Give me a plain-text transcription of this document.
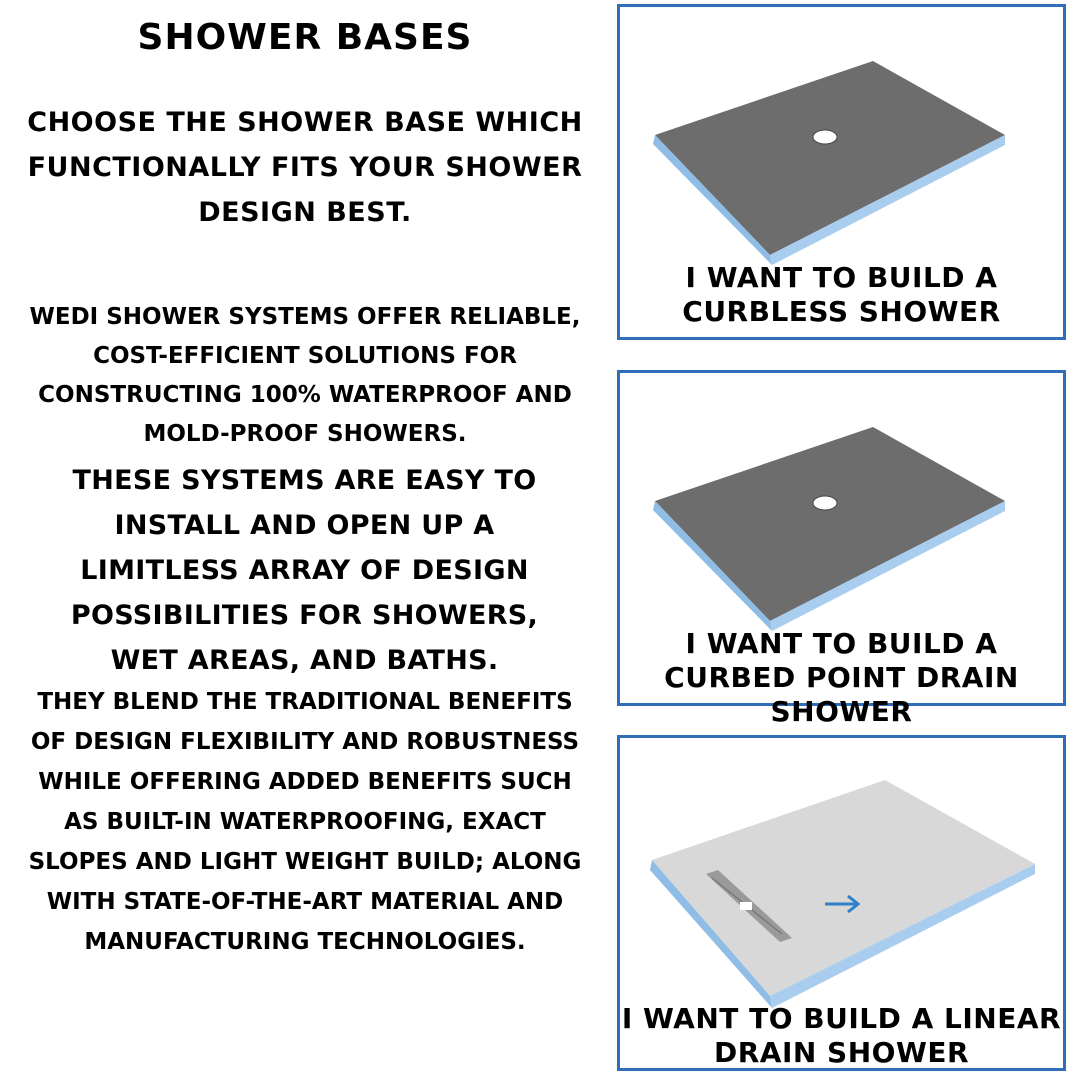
SHOWER BASES
CHOOSE THE SHOWER BASE WHICH FUNCTIONALLY FITS YOUR SHOWER DESIGN BEST.
WEDI SHOWER SYSTEMS OFFER RELIABLE, COST-EFFICIENT SOLUTIONS FOR CONSTRUCTING 100% WATERPROOF AND MOLD-PROOF SHOWERS.
THESE SYSTEMS ARE EASY TO INSTALL AND OPEN UP A LIMITLESS ARRAY OF DESIGN POSSIBILITIES FOR SHOWERS, WET AREAS, AND BATHS.
THEY BLEND THE TRADITIONAL BENEFITS OF DESIGN FLEXIBILITY AND ROBUSTNESS WHILE OFFERING ADDED BENEFITS SUCH AS BUILT-IN WATERPROOFING, EXACT SLOPES AND LIGHT WEIGHT BUILD; ALONG WITH STATE-OF-THE-ART MATERIAL AND MANUFACTURING TECHNOLOGIES.
I WANT TO BUILD A CURBLESS SHOWER
I WANT TO BUILD A CURBED POINT DRAIN SHOWER
I WANT TO BUILD A LINEAR DRAIN SHOWER
